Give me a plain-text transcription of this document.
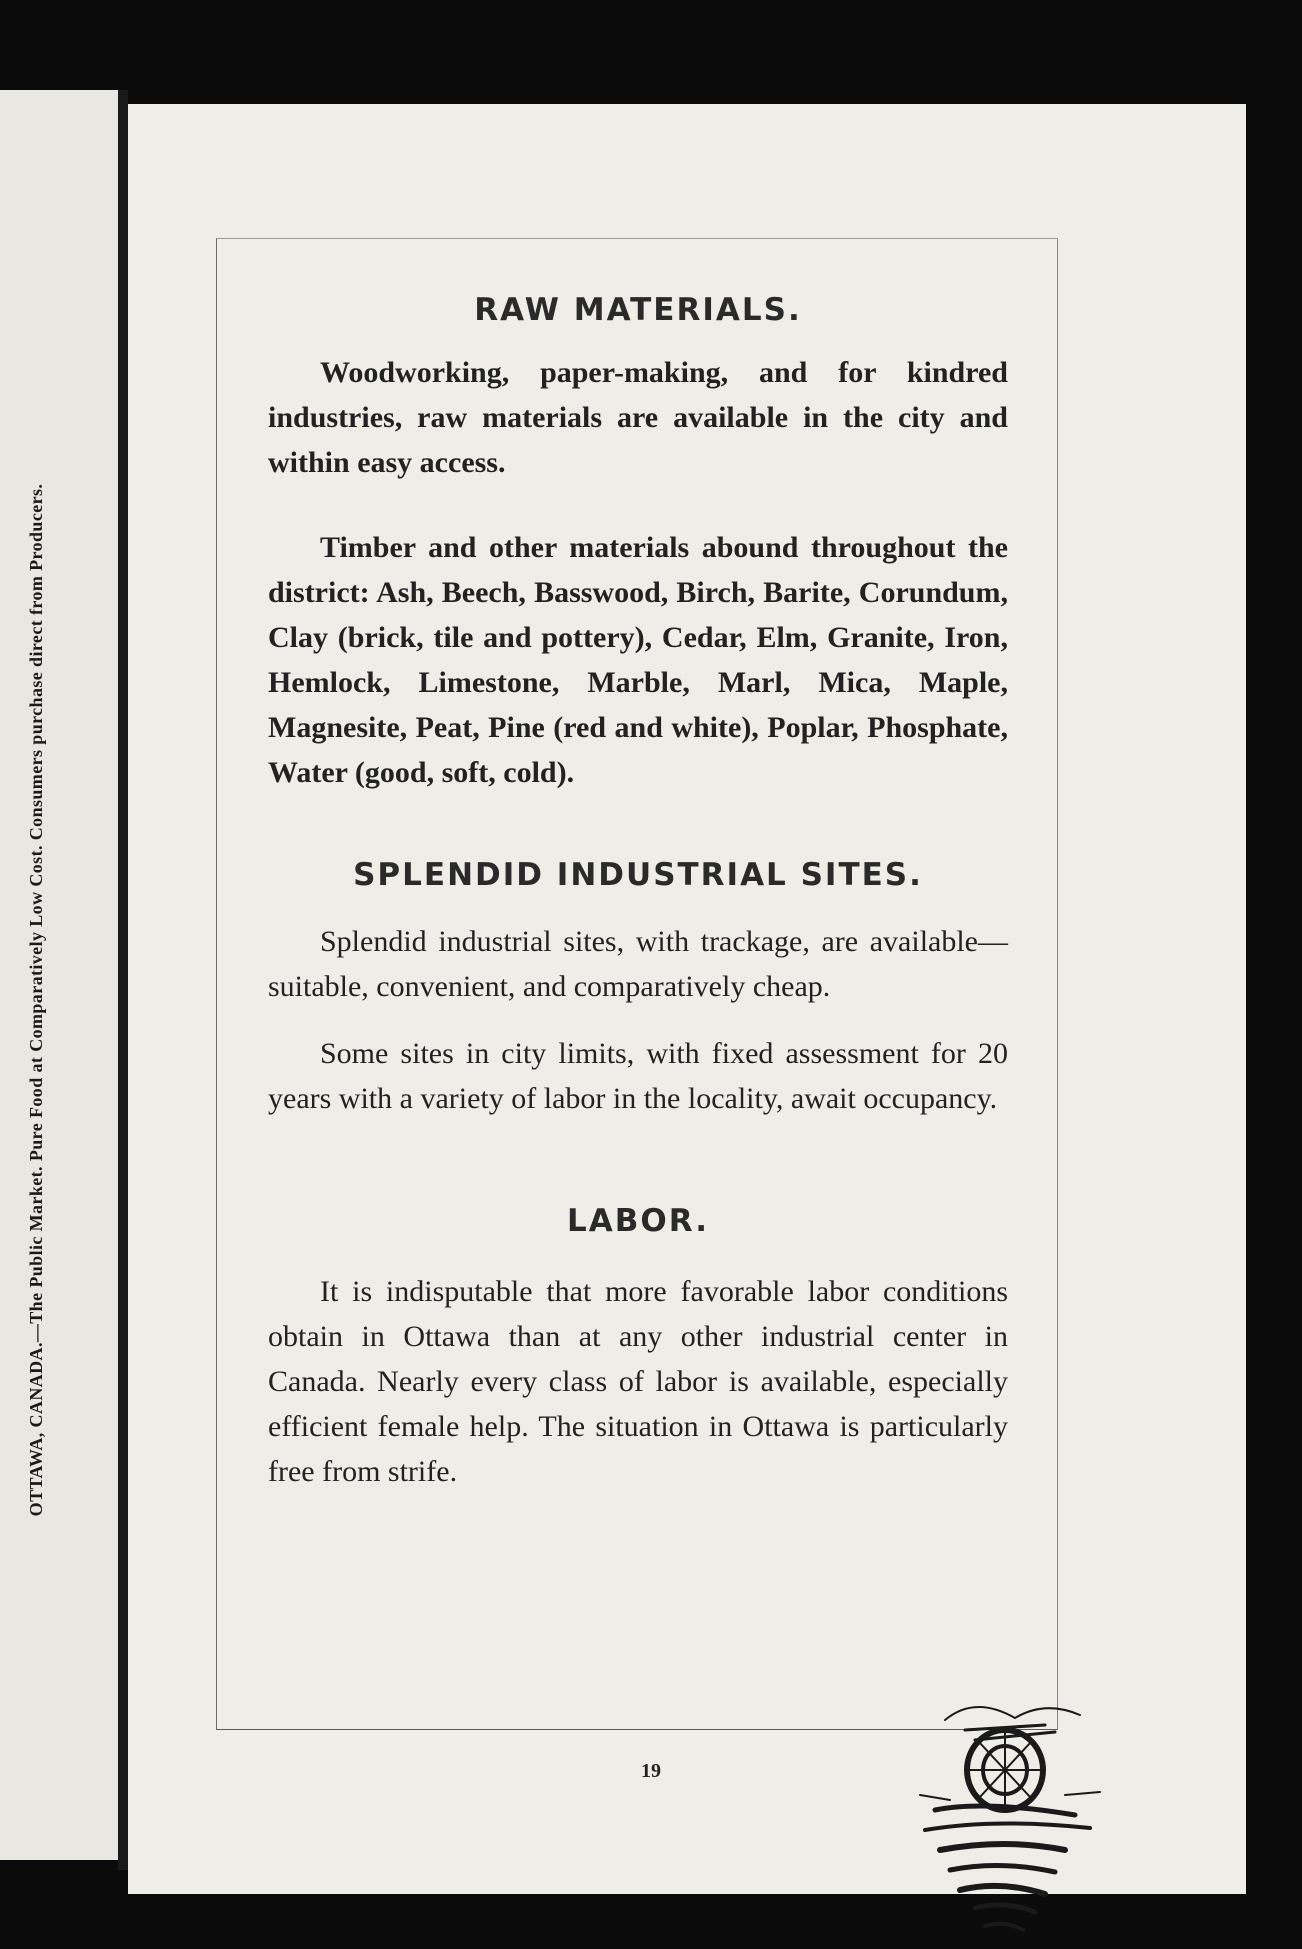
OTTAWA, CANADA.—The Public Market. Pure Food at Comparatively Low Cost. Consumers purchase direct from Producers.
RAW MATERIALS.

Woodworking, paper-making, and for kindred industries, raw materials are available in the city and within easy access.

Timber and other materials abound throughout the district: Ash, Beech, Basswood, Birch, Barite, Corundum, Clay (brick, tile and pottery), Cedar, Elm, Granite, Iron, Hemlock, Limestone, Marble, Marl, Mica, Maple, Magnesite, Peat, Pine (red and white), Poplar, Phosphate, Water (good, soft, cold).

SPLENDID INDUSTRIAL SITES.

Splendid industrial sites, with trackage, are available—suitable, convenient, and comparatively cheap.

Some sites in city limits, with fixed assessment for 20 years with a variety of labor in the locality, await occupancy.

LABOR.

It is indisputable that more favorable labor conditions obtain in Ottawa than at any other industrial center in Canada. Nearly every class of labor is available, especially efficient female help. The situation in Ottawa is particularly free from strife.

19
